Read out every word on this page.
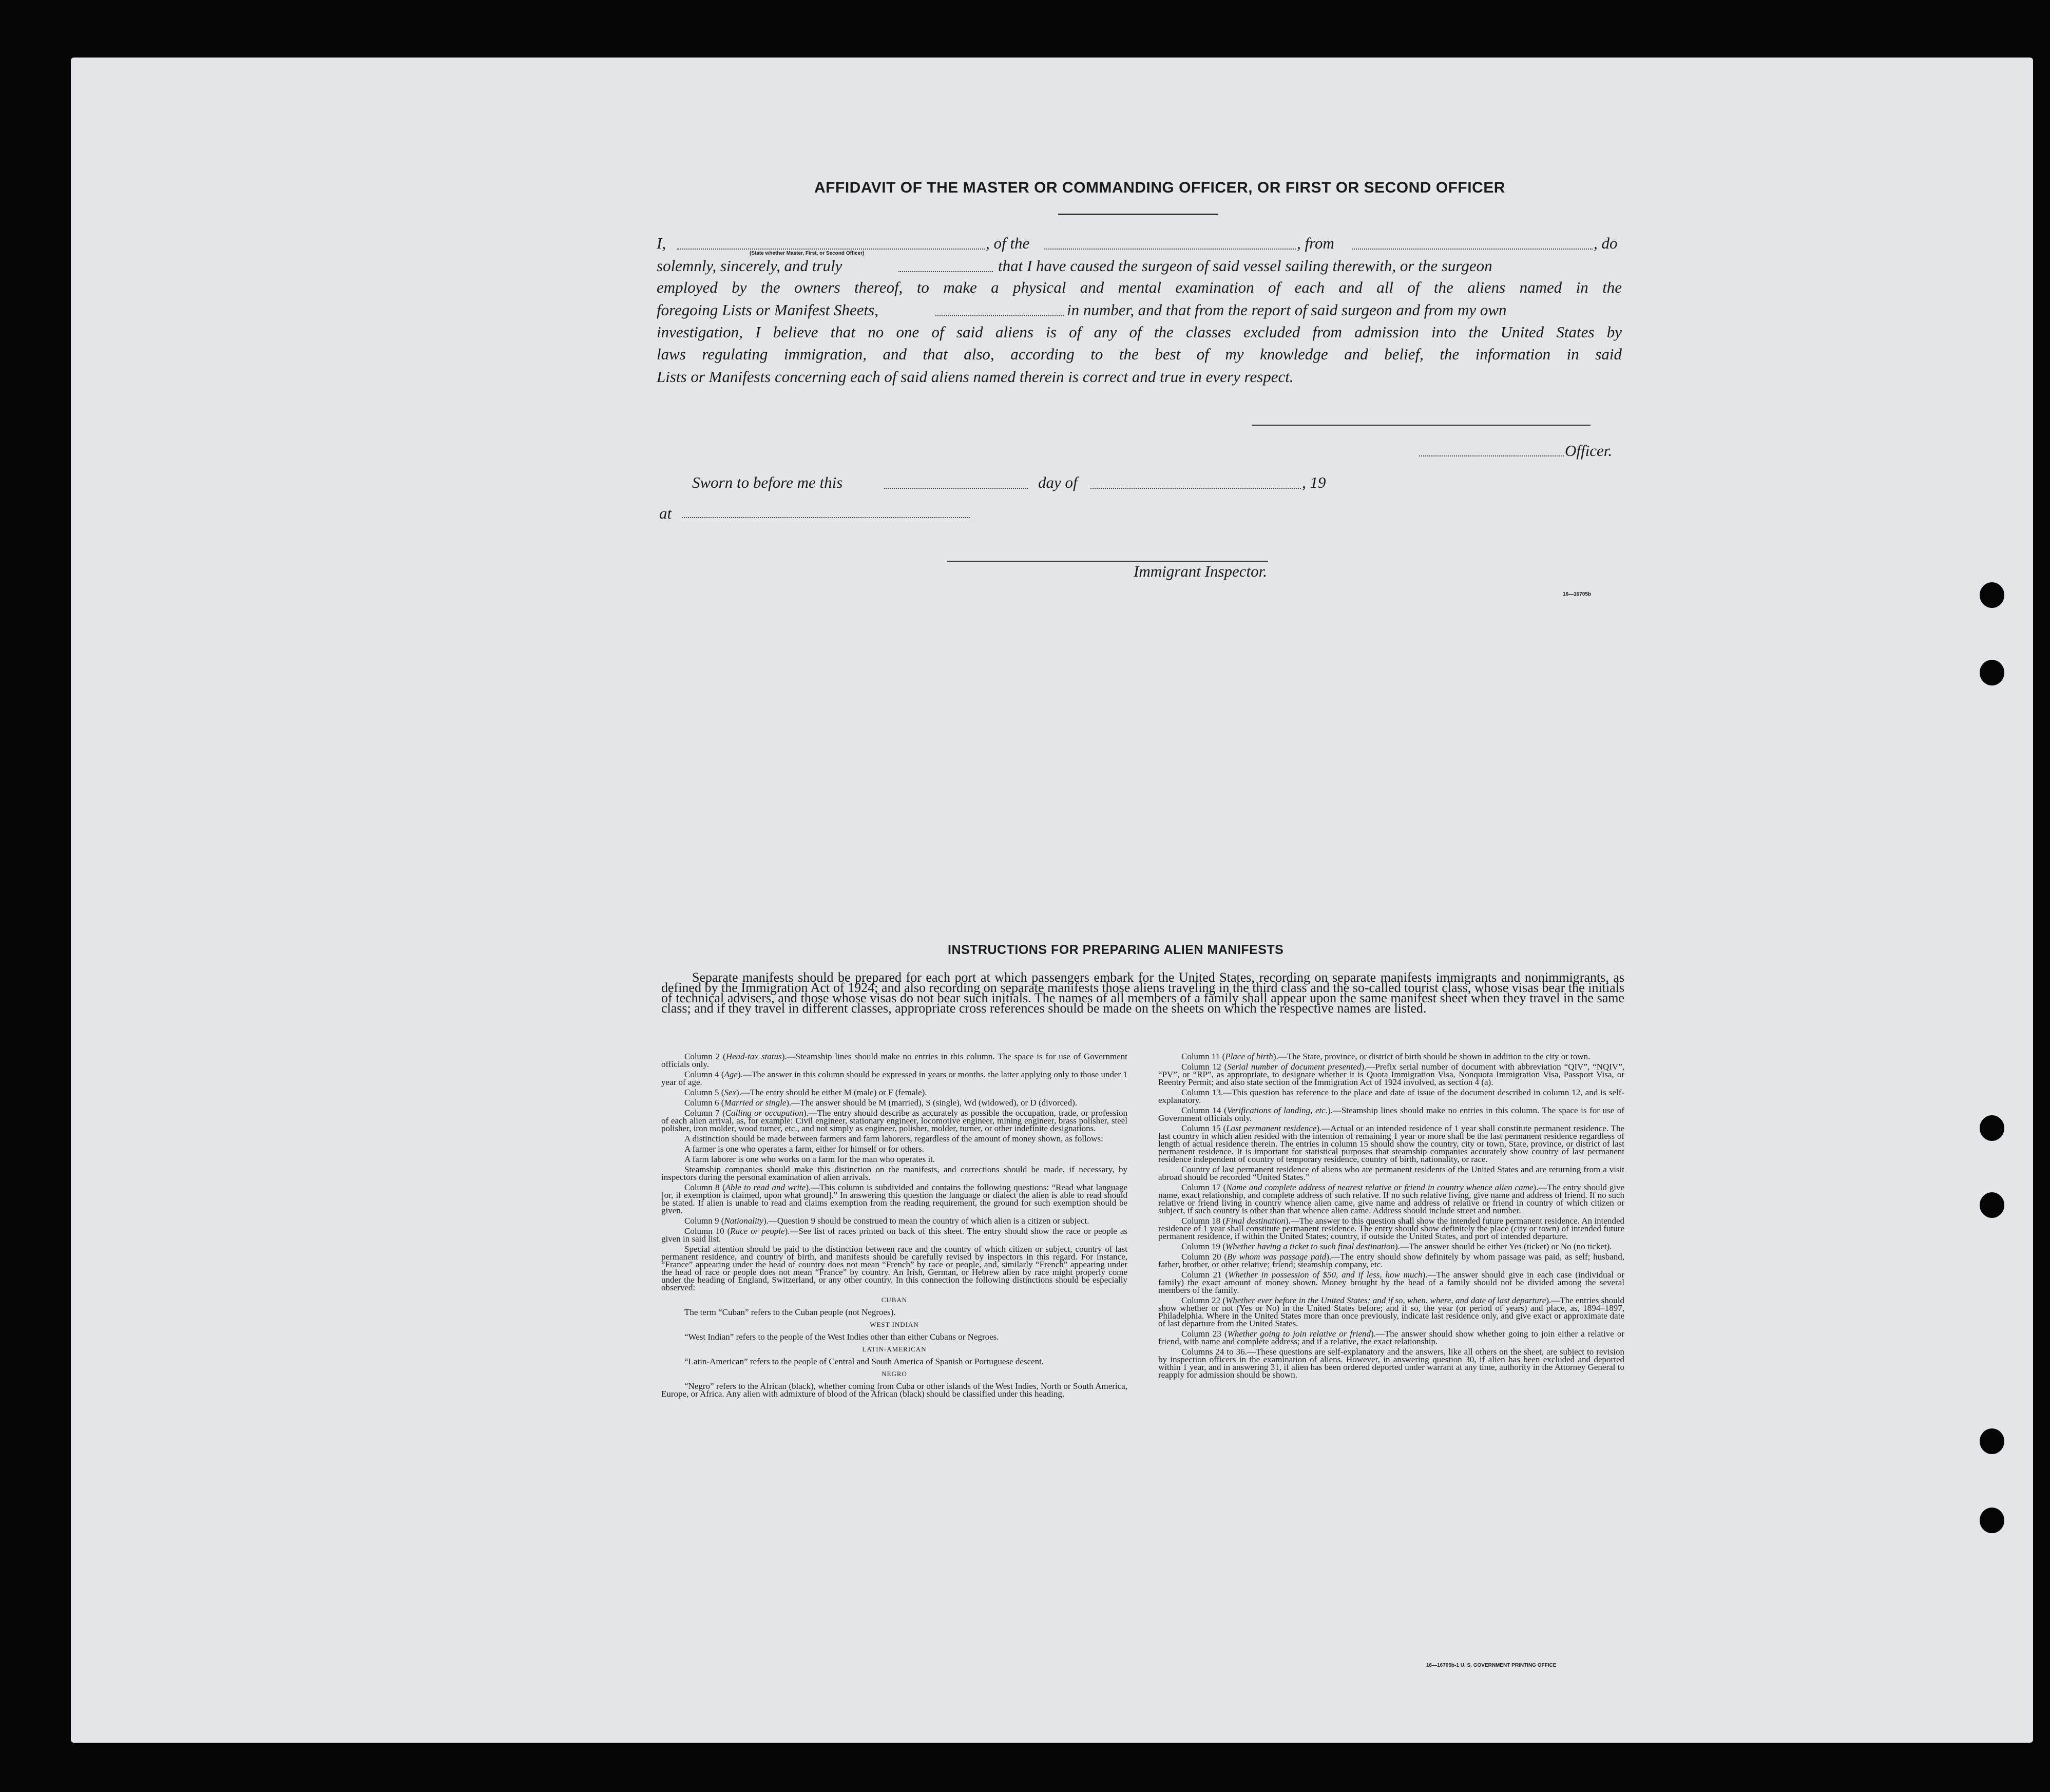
AFFIDAVIT OF THE MASTER OR COMMANDING OFFICER, OR FIRST OR SECOND OFFICER
I,
(State whether Master, First, or Second Officer)
, of the	, from	, do
solemnly, sincerely, and truly	that I have caused the surgeon of said vessel sailing therewith, or the surgeon
employed by the owners thereof, to make a physical and mental examination of each and all of the aliens named in the
foregoing Lists or Manifest Sheets,	in number, and that from the report of said surgeon and from my own
investigation, I believe that no one of said aliens is of any of the classes excluded from admission into the United States by
laws regulating immigration, and that also, according to the best of my knowledge and belief, the information in said
Lists or Manifests concerning each of said aliens named therein is correct and true in every respect.
Officer.
Sworn to before me this	day of	, 19
at
Immigrant Inspector.
16—16705b
INSTRUCTIONS FOR PREPARING ALIEN MANIFESTS
Separate manifests should be prepared for each port at which passengers embark for the United States, recording on separate manifests immigrants and nonimmigrants, as defined by the Immigration Act of 1924; and also recording on separate manifests those aliens traveling in the third class and the so-called tourist class, whose visas bear the initials of technical advisers, and those whose visas do not bear such initials. The names of all members of a family shall appear upon the same manifest sheet when they travel in the same class; and if they travel in different classes, appropriate cross references should be made on the sheets on which the respective names are listed.

Column 2 (Head-tax status).—Steamship lines should make no entries in this column. The space is for use of Government officials only.

Column 4 (Age).—The answer in this column should be expressed in years or months, the latter applying only to those under 1 year of age.

Column 5 (Sex).—The entry should be either M (male) or F (female).

Column 6 (Married or single).—The answer should be M (married), S (single), Wd (widowed), or D (divorced).

Column 7 (Calling or occupation).—The entry should describe as accurately as possible the occupation, trade, or profession of each alien arrival, as, for example: Civil engineer, stationary engineer, locomotive engineer, mining engineer, brass polisher, steel polisher, iron molder, wood turner, etc., and not simply as engineer, polisher, molder, turner, or other indefinite designations.

A distinction should be made between farmers and farm laborers, regardless of the amount of money shown, as follows:

A farmer is one who operates a farm, either for himself or for others.

A farm laborer is one who works on a farm for the man who operates it.

Steamship companies should make this distinction on the manifests, and corrections should be made, if necessary, by inspectors during the personal examination of alien arrivals.

Column 8 (Able to read and write).—This column is subdivided and contains the following questions: “Read what language [or, if exemption is claimed, upon what ground].” In answering this question the language or dialect the alien is able to read should be stated. If alien is unable to read and claims exemption from the reading requirement, the ground for such exemption should be given.

Column 9 (Nationality).—Question 9 should be construed to mean the country of which alien is a citizen or subject.

Column 10 (Race or people).—See list of races printed on back of this sheet. The entry should show the race or people as given in said list.

Special attention should be paid to the distinction between race and the country of which citizen or subject, country of last permanent residence, and country of birth, and manifests should be carefully revised by inspectors in this regard. For instance, “France” appearing under the head of country does not mean “French” by race or people, and, similarly “French” appearing under the head of race or people does not mean “France” by country. An Irish, German, or Hebrew alien by race might properly come under the heading of England, Switzerland, or any other country. In this connection the following distinctions should be especially observed:

CUBAN

The term “Cuban” refers to the Cuban people (not Negroes).

WEST INDIAN

“West Indian” refers to the people of the West Indies other than either Cubans or Negroes.

LATIN-AMERICAN

“Latin-American” refers to the people of Central and South America of Spanish or Portuguese descent.

NEGRO

“Negro” refers to the African (black), whether coming from Cuba or other islands of the West Indies, North or South America, Europe, or Africa. Any alien with admixture of blood of the African (black) should be classified under this heading.

Column 11 (Place of birth).—The State, province, or district of birth should be shown in addition to the city or town.

Column 12 (Serial number of document presented).—Prefix serial number of document with abbreviation “QIV”, “NQIV”, “PV”, or “RP”, as appropriate, to designate whether it is Quota Immigration Visa, Nonquota Immigration Visa, Passport Visa, or Reentry Permit; and also state section of the Immigration Act of 1924 involved, as section 4 (a).

Column 13.—This question has reference to the place and date of issue of the document described in column 12, and is self-explanatory.

Column 14 (Verifications of landing, etc.).—Steamship lines should make no entries in this column. The space is for use of Government officials only.

Column 15 (Last permanent residence).—Actual or an intended residence of 1 year shall constitute permanent residence. The last country in which alien resided with the intention of remaining 1 year or more shall be the last permanent residence regardless of length of actual residence therein. The entries in column 15 should show the country, city or town, State, province, or district of last permanent residence. It is important for statistical purposes that steamship companies accurately show country of last permanent residence independent of country of temporary residence, country of birth, nationality, or race.

Country of last permanent residence of aliens who are permanent residents of the United States and are returning from a visit abroad should be recorded “United States.”

Column 17 (Name and complete address of nearest relative or friend in country whence alien came).—The entry should give name, exact relationship, and complete address of such relative. If no such relative living, give name and address of friend. If no such relative or friend living in country whence alien came, give name and address of relative or friend in country of which citizen or subject, if such country is other than that whence alien came. Address should include street and number.

Column 18 (Final destination).—The answer to this question shall show the intended future permanent residence. An intended residence of 1 year shall constitute permanent residence. The entry should show definitely the place (city or town) of intended future permanent residence, if within the United States; country, if outside the United States, and port of intended departure.

Column 19 (Whether having a ticket to such final destination).—The answer should be either Yes (ticket) or No (no ticket).

Column 20 (By whom was passage paid).—The entry should show definitely by whom passage was paid, as self; husband, father, brother, or other relative; friend; steamship company, etc.

Column 21 (Whether in possession of $50, and if less, how much).—The answer should give in each case (individual or family) the exact amount of money shown. Money brought by the head of a family should not be divided among the several members of the family.

Column 22 (Whether ever before in the United States; and if so, when, where, and date of last departure).—The entries should show whether or not (Yes or No) in the United States before; and if so, the year (or period of years) and place, as, 1894–1897, Philadelphia. Where in the United States more than once previously, indicate last residence only, and give exact or approximate date of last departure from the United States.

Column 23 (Whether going to join relative or friend).—The answer should show whether going to join either a relative or friend, with name and complete address; and if a relative, the exact relationship.

Columns 24 to 36.—These questions are self-explanatory and the answers, like all others on the sheet, are subject to revision by inspection officers in the examination of aliens. However, in answering question 30, if alien has been excluded and deported within 1 year, and in answering 31, if alien has been ordered deported under warrant at any time, authority in the Attorney General to reapply for admission should be shown.

16—16705b-1 U. S. GOVERNMENT PRINTING OFFICE
